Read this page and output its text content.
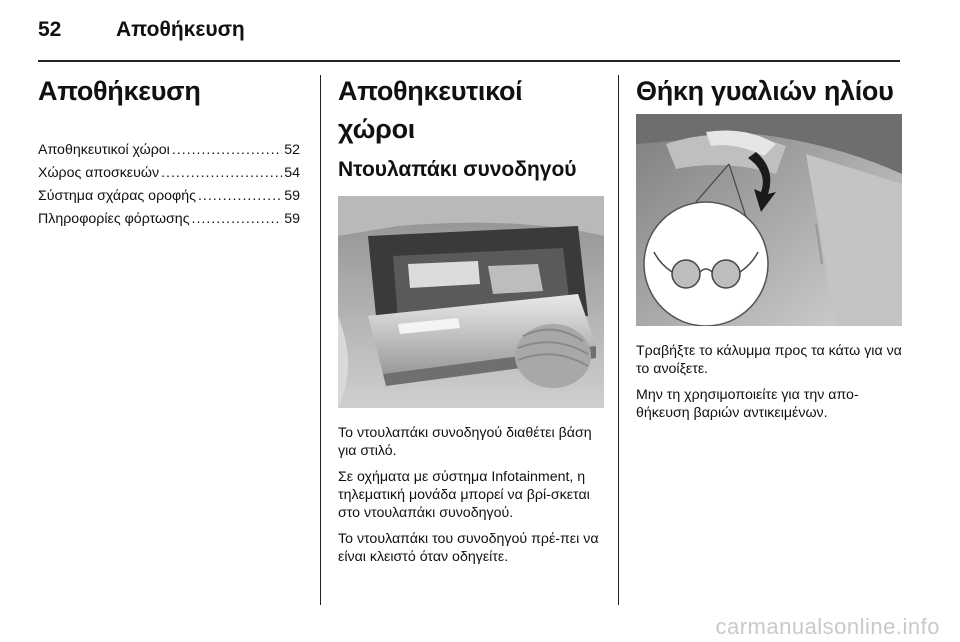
52	Αποθήκευση
Αποθήκευση
Αποθηκευτικοί χώροι .....	52
Χώρος αποσκευών .....	54
Σύστημα σχάρας οροφής .....	59
Πληροφορίες φόρτωσης .....	59
Αποθηκευτικοί χώροι
Ντουλαπάκι συνοδηγού

Το ντουλαπάκι συνοδηγού διαθέτει βάση για στιλό.

Σε οχήματα με σύστημα Infotainment, η τηλεματική μονάδα μπορεί να βρί-σκεται στο ντουλαπάκι συνοδηγού.

Το ντουλαπάκι του συνοδηγού πρέ-πει να είναι κλειστό όταν οδηγείτε.

Θήκη γυαλιών ηλίου

Τραβήξτε το κάλυμμα προς τα κάτω για να το ανοίξετε.

Μην τη χρησιμοποιείτε για την απο-θήκευση βαριών αντικειμένων.

carmanualsonline.info
